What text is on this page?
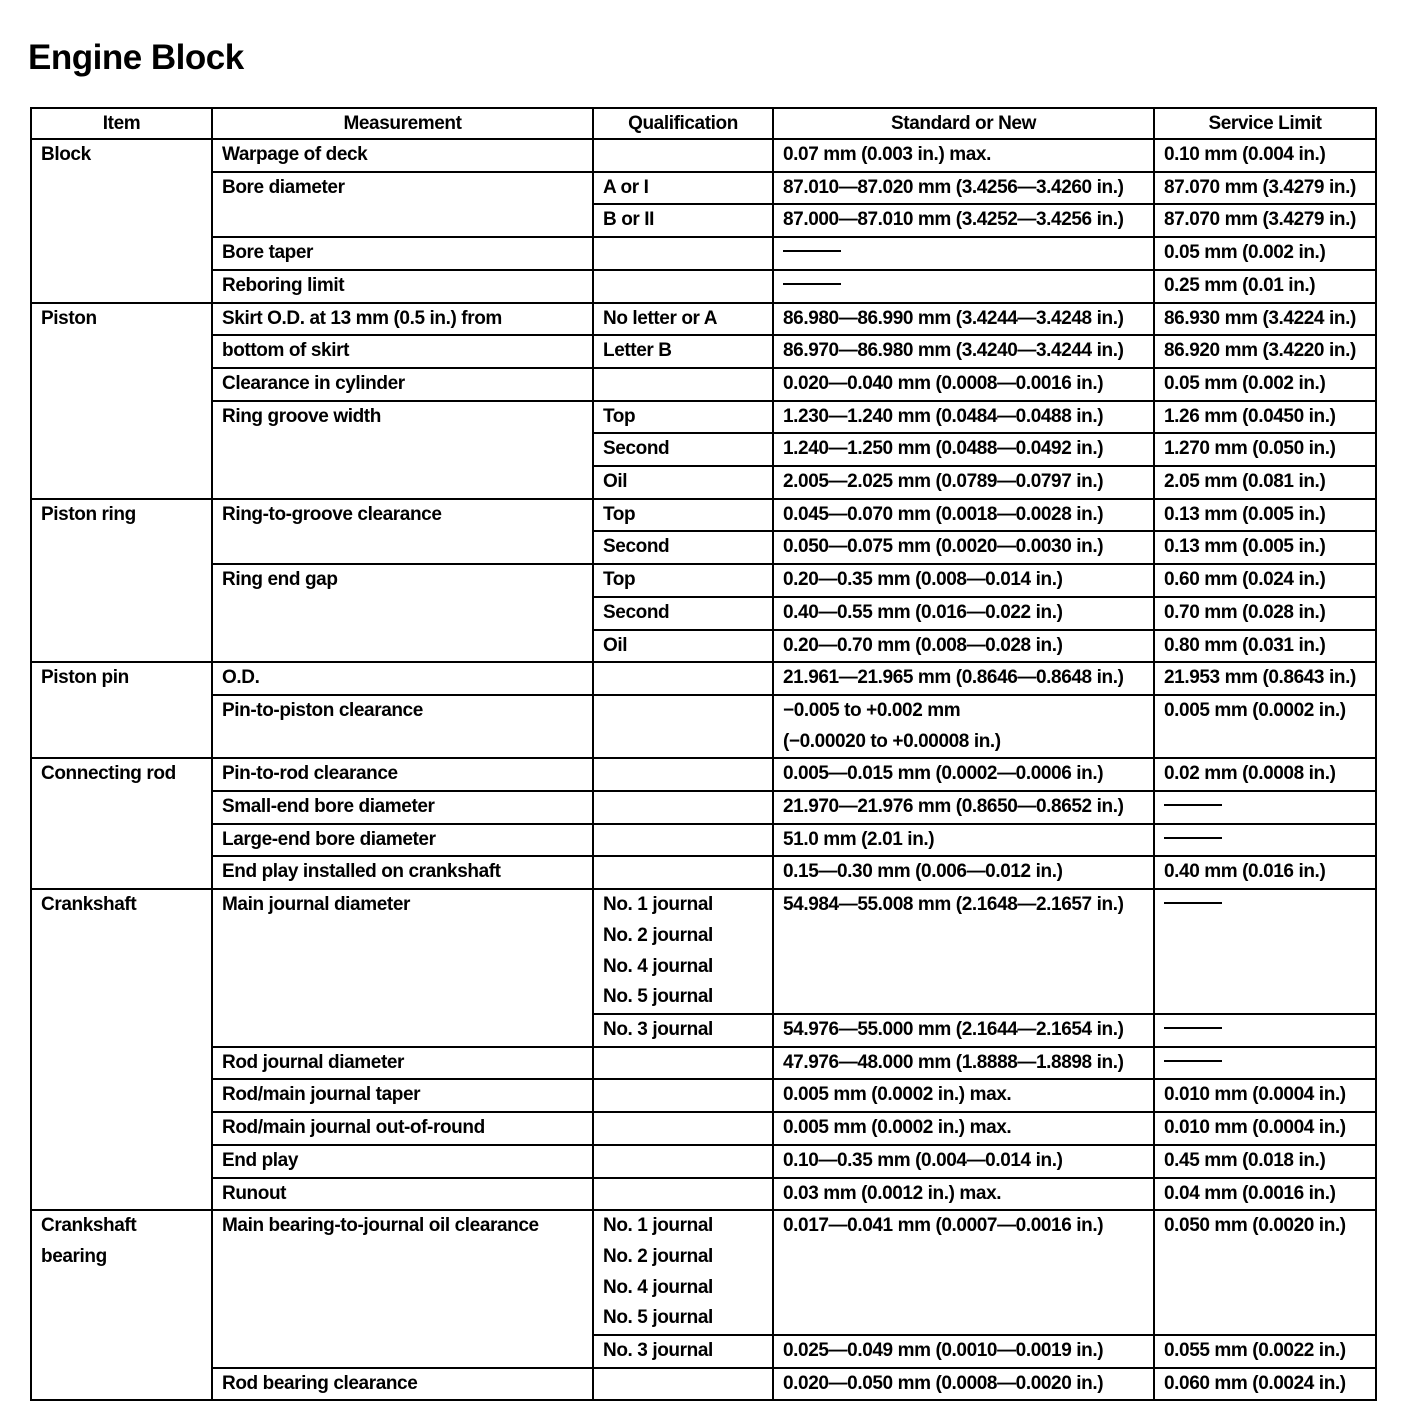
Engine Block
Item	Measurement	Qualification	Standard or New	Service Limit

Block	Warpage of deck		0.07 mm (0.003 in.) max.	0.10 mm (0.004 in.)

	Bore diameter	A or I	87.010—87.020 mm (3.4256—3.4260 in.)	87.070 mm (3.4279 in.)

		B or II	87.000—87.010 mm (3.4252—3.4256 in.)	87.070 mm (3.4279 in.)

	Bore taper			0.05 mm (0.002 in.)

	Reboring limit			0.25 mm (0.01 in.)

Piston	Skirt O.D. at 13 mm (0.5 in.) from	No letter or A	86.980—86.990 mm (3.4244—3.4248 in.)	86.930 mm (3.4224 in.)

	bottom of skirt	Letter B	86.970—86.980 mm (3.4240—3.4244 in.)	86.920 mm (3.4220 in.)

	Clearance in cylinder		0.020—0.040 mm (0.0008—0.0016 in.)	0.05 mm (0.002 in.)

	Ring groove width	Top	1.230—1.240 mm (0.0484—0.0488 in.)	1.26 mm (0.0450 in.)

		Second	1.240—1.250 mm (0.0488—0.0492 in.)	1.270 mm (0.050 in.)

		Oil	2.005—2.025 mm (0.0789—0.0797 in.)	2.05 mm (0.081 in.)

Piston ring	Ring-to-groove clearance	Top	0.045—0.070 mm (0.0018—0.0028 in.)	0.13 mm (0.005 in.)

		Second	0.050—0.075 mm (0.0020—0.0030 in.)	0.13 mm (0.005 in.)

	Ring end gap	Top	0.20—0.35 mm (0.008—0.014 in.)	0.60 mm (0.024 in.)

		Second	0.40—0.55 mm (0.016—0.022 in.)	0.70 mm (0.028 in.)

		Oil	0.20—0.70 mm (0.008—0.028 in.)	0.80 mm (0.031 in.)

Piston pin	O.D.		21.961—21.965 mm (0.8646—0.8648 in.)	21.953 mm (0.8643 in.)

	Pin-to-piston clearance		−0.005 to +0.002 mm
(−0.00020 to +0.00008 in.)	0.005 mm (0.0002 in.)

Connecting rod	Pin-to-rod clearance		0.005—0.015 mm (0.0002—0.0006 in.)	0.02 mm (0.0008 in.)

	Small-end bore diameter		21.970—21.976 mm (0.8650—0.8652 in.)	

	Large-end bore diameter		51.0 mm (2.01 in.)	

	End play installed on crankshaft		0.15—0.30 mm (0.006—0.012 in.)	0.40 mm (0.016 in.)

Crankshaft	Main journal diameter	No. 1 journal
No. 2 journal
No. 4 journal
No. 5 journal	54.984—55.008 mm (2.1648—2.1657 in.)	

		No. 3 journal	54.976—55.000 mm (2.1644—2.1654 in.)	

	Rod journal diameter		47.976—48.000 mm (1.8888—1.8898 in.)	

	Rod/main journal taper		0.005 mm (0.0002 in.) max.	0.010 mm (0.0004 in.)

	Rod/main journal out-of-round		0.005 mm (0.0002 in.) max.	0.010 mm (0.0004 in.)

	End play		0.10—0.35 mm (0.004—0.014 in.)	0.45 mm (0.018 in.)

	Runout		0.03 mm (0.0012 in.) max.	0.04 mm (0.0016 in.)

Crankshaft
bearing	Main bearing-to-journal oil clearance	No. 1 journal
No. 2 journal
No. 4 journal
No. 5 journal	0.017—0.041 mm (0.0007—0.0016 in.)	0.050 mm (0.0020 in.)

		No. 3 journal	0.025—0.049 mm (0.0010—0.0019 in.)	0.055 mm (0.0022 in.)

	Rod bearing clearance		0.020—0.050 mm (0.0008—0.0020 in.)	0.060 mm (0.0024 in.)
